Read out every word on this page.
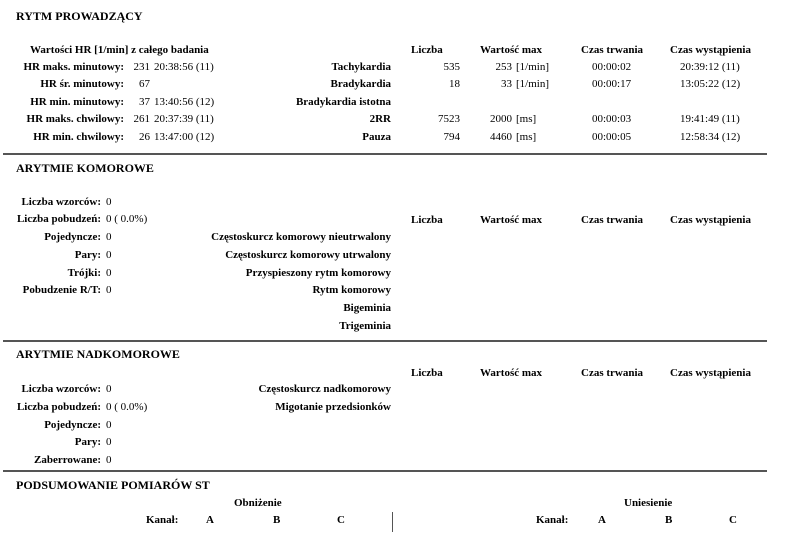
RYTM PROWADZĄCY
Wartości HR [1/min] z całego badania
HR maks. minutowy: 231 20:38:56 (11)
HR śr. minutowy: 67
HR min. minutowy: 37 13:40:56 (12)
HR maks. chwilowy: 261 20:37:39 (11)
HR min. chwilowy: 26 13:47:00 (12)
Liczba	Wartość max	Czas trwania Czas wystąpienia
Tachykardia	535	253 [1/min]	00:00:02	20:39:12 (11)
Bradykardia	18	33 [1/min]	00:00:17	13:05:22 (12)
Bradykardia istotna
2RR	7523	2000 [ms]	00:00:03	19:41:49 (11)
Pauza	794	4460 [ms]	00:00:05	12:58:34 (12)
ARYTMIE KOMOROWE
Liczba wzorców: 0
Liczba pobudzeń: 0 ( 0.0%)
Pojedyncze: 0
Pary: 0
Trójki: 0
Pobudzenie R/T: 0
Liczba	Wartość max	Czas trwania Czas wystąpienia
Częstoskurcz komorowy nieutrwalony
Częstoskurcz komorowy utrwalony
Przyspieszony rytm komorowy
Rytm komorowy
Bigeminia
Trigeminia
ARYTMIE NADKOMOROWE
Liczba wzorców: 0
Liczba pobudzeń: 0 ( 0.0%)
Pojedyncze: 0
Pary: 0
Zaberrowane: 0
Liczba	Wartość max	Czas trwania Czas wystąpienia
Częstoskurcz nadkomorowy
Migotanie przedsionków
PODSUMOWANIE POMIARÓW ST
Obniżenie	Uniesienie
Kanał:	A	B	C	Kanał:	A	B	C
